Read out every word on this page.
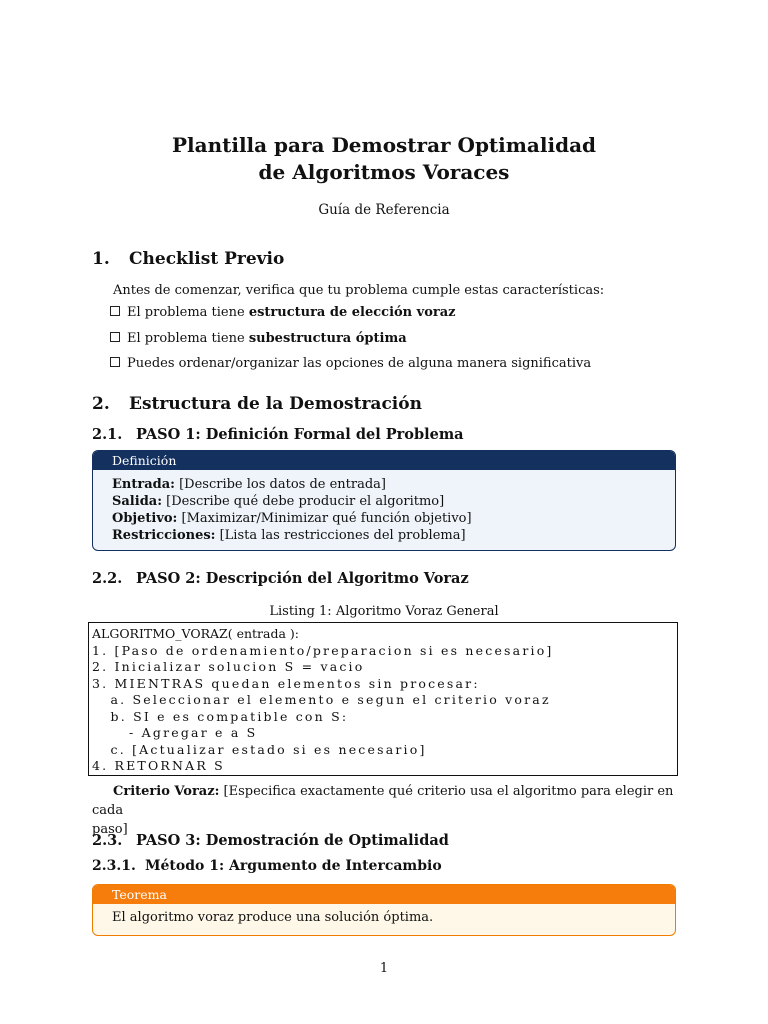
Plantilla para Demostrar Optimalidad
de Algoritmos Voraces
Guía de Referencia
1. Checklist Previo
Antes de comenzar, verifica que tu problema cumple estas características:
El problema tiene estructura de elección voraz
El problema tiene subestructura óptima
Puedes ordenar/organizar las opciones de alguna manera significativa
2. Estructura de la Demostración
2.1. PASO 1: Definición Formal del Problema
Definición
Entrada: [Describe los datos de entrada]
Salida: [Describe qué debe producir el algoritmo]
Objetivo: [Maximizar/Minimizar qué función objetivo]
Restricciones: [Lista las restricciones del problema]
2.2. PASO 2: Descripción del Algoritmo Voraz
Listing 1: Algoritmo Voraz General
ALGORITMO_VORAZ( entrada ):
1. [Paso de ordenamiento/preparacion si es necesario]
2. Inicializar solucion S = vacio
3. MIENTRAS quedan elementos sin procesar:
a. Seleccionar el elemento e segun el criterio voraz
b. SI e es compatible con S:
- Agregar e a S
c. [Actualizar estado si es necesario]
4. RETORNAR S
Criterio Voraz: [Especifica exactamente qué criterio usa el algoritmo para elegir en cada
paso]
2.3. PASO 3: Demostración de Optimalidad
2.3.1. Método 1: Argumento de Intercambio
Teorema
El algoritmo voraz produce una solución óptima.
1
